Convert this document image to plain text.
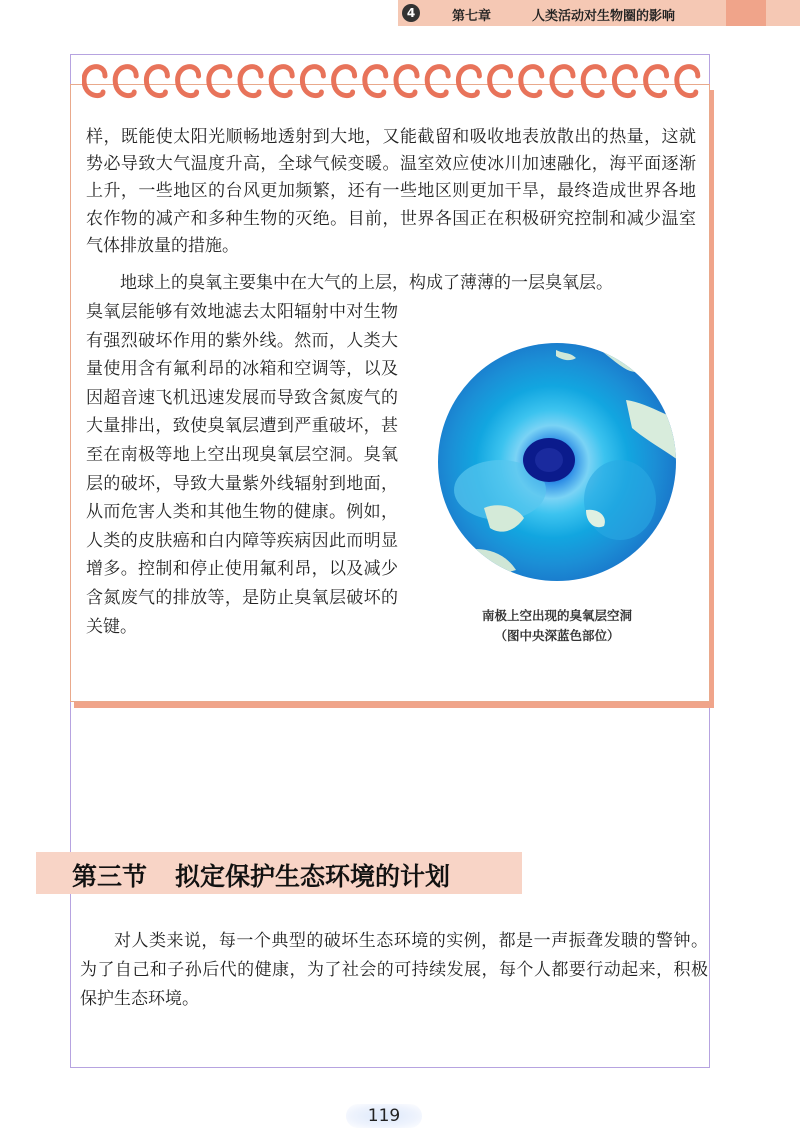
4	第七章	人类活动对生物圈的影响

样，既能使太阳光顺畅地透射到大地，又能截留和吸收地表放散出的热量，这就势必导致大气温度升高，全球气候变暖。温室效应使冰川加速融化，海平面逐渐上升，一些地区的台风更加频繁，还有一些地区则更加干旱，最终造成世界各地农作物的减产和多种生物的灭绝。目前，世界各国正在积极研究控制和减少温室气体排放量的措施。

地球上的臭氧主要集中在大气的上层，构成了薄薄的一层臭氧层。

臭氧层能够有效地滤去太阳辐射中对生物有强烈破坏作用的紫外线。然而，人类大量使用含有氟利昂的冰箱和空调等，以及因超音速飞机迅速发展而导致含氮废气的大量排出，致使臭氧层遭到严重破坏，甚至在南极等地上空出现臭氧层空洞。臭氧层的破坏，导致大量紫外线辐射到地面，从而危害人类和其他生物的健康。例如，人类的皮肤癌和白内障等疾病因此而明显增多。控制和停止使用氟利昂，以及减少含氮废气的排放等，是防止臭氧层破坏的关键。

南极上空出现的臭氧层空洞

（图中央深蓝色部位）

第三节 拟定保护生态环境的计划

对人类来说，每一个典型的破坏生态环境的实例，都是一声振聋发聩的警钟。为了自己和子孙后代的健康，为了社会的可持续发展，每个人都要行动起来，积极保护生态环境。

119
